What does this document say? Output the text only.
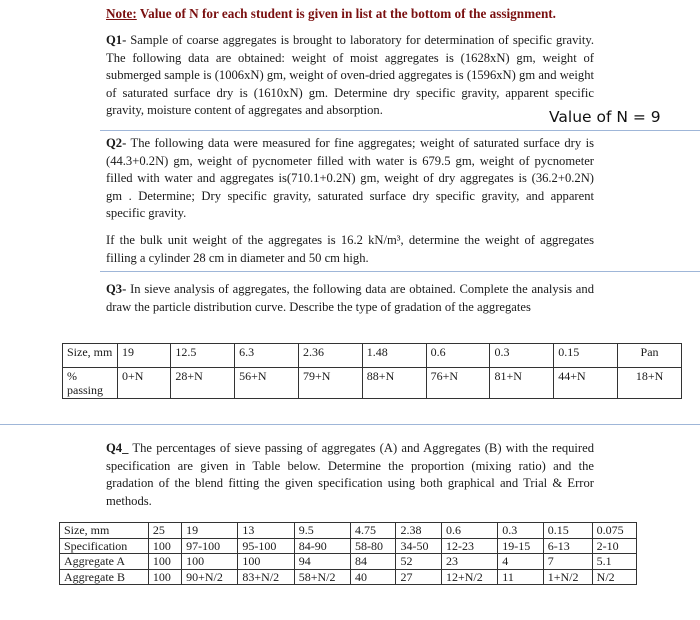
Note: Value of N for each student is given in list at the bottom of the assignment.
Q1- Sample of coarse aggregates is brought to laboratory for determination of specific gravity. The following data are obtained: weight of moist aggregates is (1628xN) gm, weight of submerged sample is (1006xN) gm, weight of oven-dried aggregates is (1596xN) gm and weight of saturated surface dry is (1610xN) gm. Determine dry specific gravity, apparent specific gravity, moisture content of aggregates and absorption.	Value of N = 9
Q2- The following data were measured for fine aggregates; weight of saturated surface dry is (44.3+0.2N) gm, weight of pycnometer filled with water is 679.5 gm, weight of pycnometer filled with water and aggregates is(710.1+0.2N) gm, weight of dry aggregates is (36.2+0.2N) gm . Determine; Dry specific gravity, saturated surface dry specific gravity, and apparent specific gravity.
If the bulk unit weight of the aggregates is 16.2 kN/m³, determine the weight of aggregates filling a cylinder 28 cm in diameter and 50 cm high.
Q3- In sieve analysis of aggregates, the following data are obtained. Complete the analysis and draw the particle distribution curve. Describe the type of gradation of the aggregates
Size, mm	19	12.5	6.3	2.36	1.48	0.6	0.3	0.15	Pan
% passing	0+N	28+N	56+N	79+N	88+N	76+N	81+N	44+N	18+N
Q4_ The percentages of sieve passing of aggregates (A) and Aggregates (B) with the required specification are given in Table below. Determine the proportion (mixing ratio) and the gradation of the blend fitting the given specification using both graphical and Trial & Error methods.
Size, mm	25	19	13	9.5	4.75	2.38	0.6	0.3	0.15	0.075
Specification	100	97-100	95-100	84-90	58-80	34-50	12-23	19-15	6-13	2-10
Aggregate A	100	100	100	94	84	52	23	4	7	5.1
Aggregate B	100	90+N/2	83+N/2	58+N/2	40	27	12+N/2	11	1+N/2	N/2
